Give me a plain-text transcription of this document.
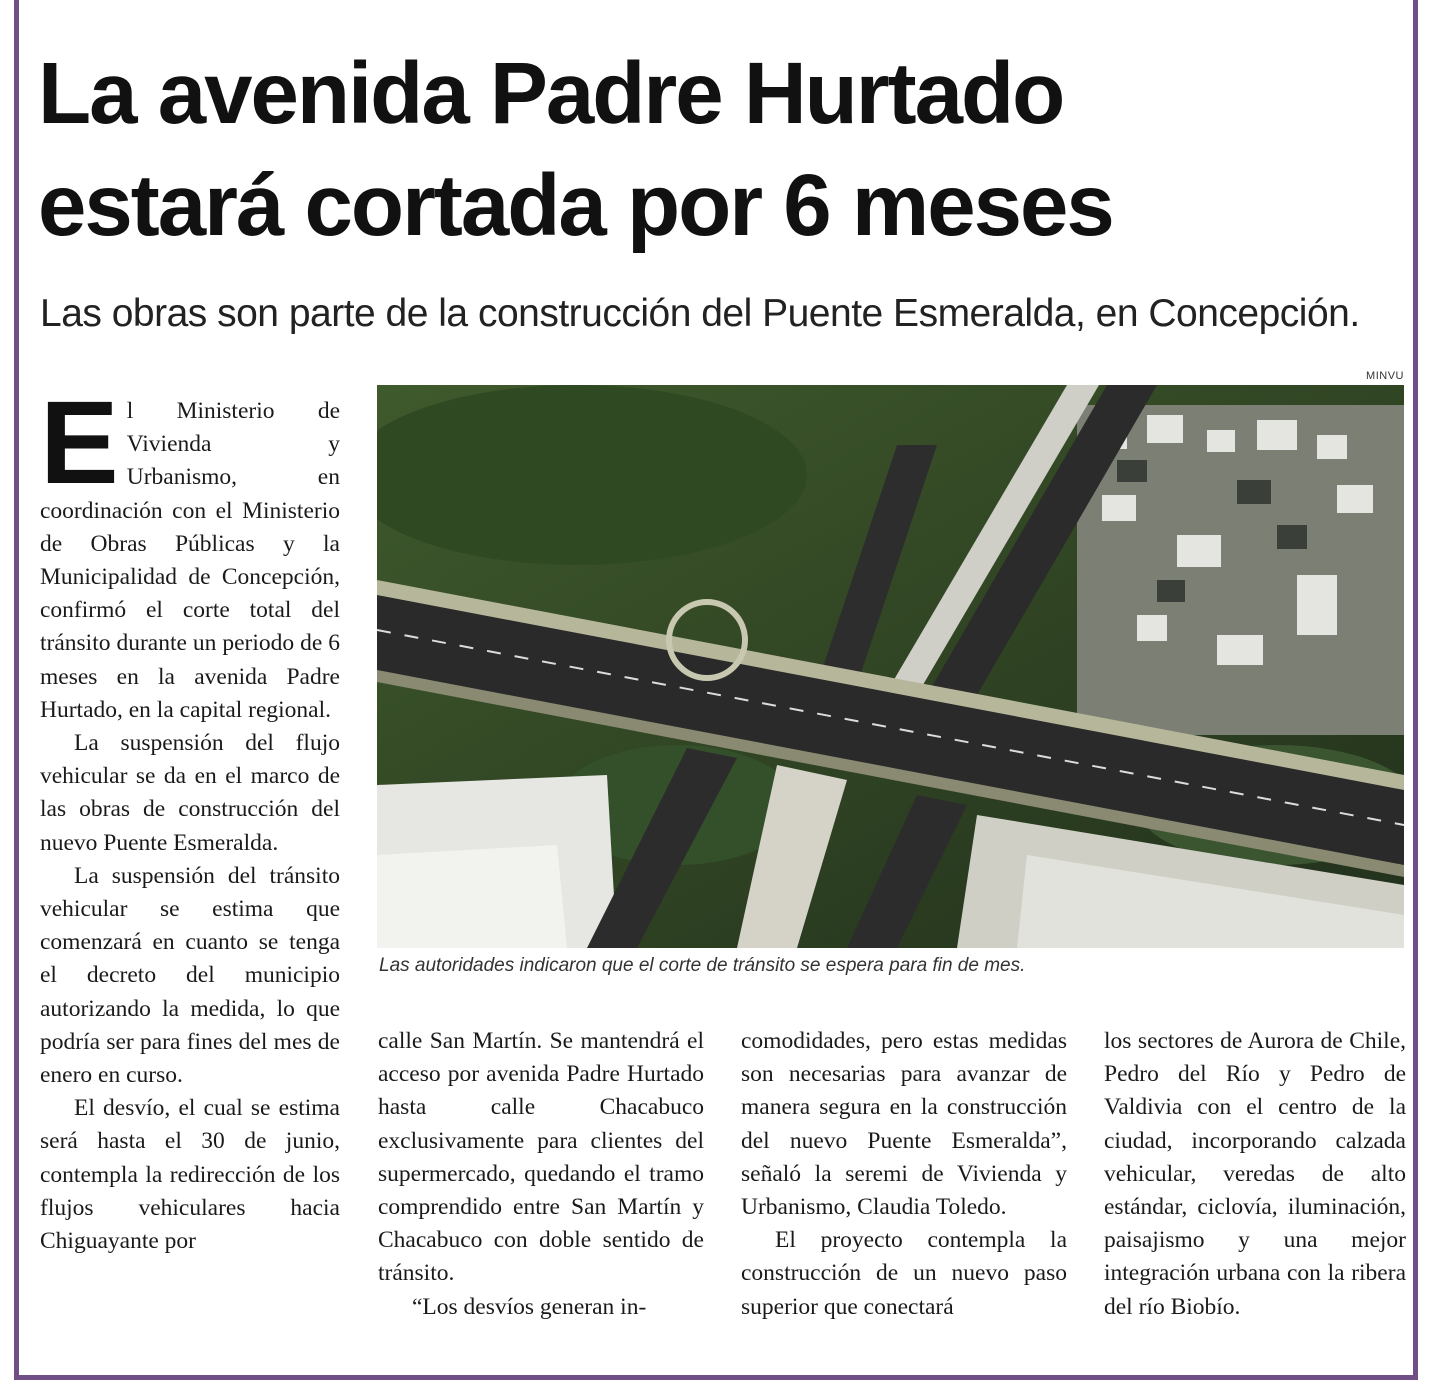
La avenida Padre Hurtado
estará cortada por 6 meses
Las obras son parte de la construcción del Puente Esmeralda, en Concepción.
MINVU
Las autoridades indicaron que el corte de tránsito se espera para fin de mes.

El Ministerio de Vivienda y Urbanismo, en coordinación con el Ministerio de Obras Públicas y la Municipalidad de Concepción, confirmó el corte total del tránsito durante un periodo de 6 meses en la avenida Padre Hurtado, en la capital regional.

La suspensión del flujo vehicular se da en el marco de las obras de construcción del nuevo Puente Esmeralda.

La suspensión del tránsito vehicular se estima que comenzará en cuanto se tenga el decreto del municipio autorizando la medida, lo que podría ser para fines del mes de enero en curso.

El desvío, el cual se estima será hasta el 30 de junio, contempla la redirección de los flujos vehiculares hacia Chiguayante por

calle San Martín. Se mantendrá el acceso por avenida Padre Hurtado hasta calle Chacabuco exclusivamente para clientes del supermercado, quedando el tramo comprendido entre San Martín y Chacabuco con doble sentido de tránsito.

“Los desvíos generan in-

comodidades, pero estas medidas son necesarias para avanzar de manera segura en la construcción del nuevo Puente Esmeralda”, señaló la seremi de Vivienda y Urbanismo, Claudia Toledo.

El proyecto contempla la construcción de un nuevo paso superior que conectará

los sectores de Aurora de Chile, Pedro del Río y Pedro de Valdivia con el centro de la ciudad, incorporando calzada vehicular, veredas de alto estándar, ciclovía, iluminación, paisajismo y una mejor integración urbana con la ribera del río Biobío.
